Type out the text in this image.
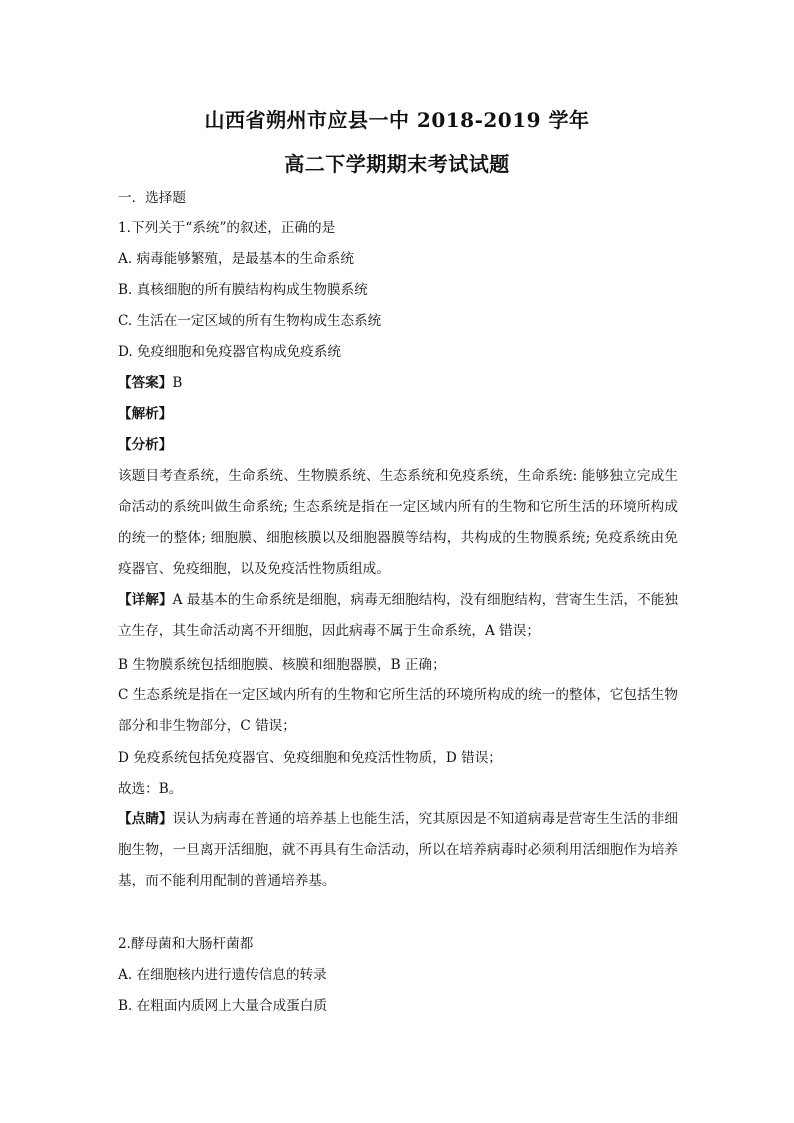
山西省朔州市应县一中 2018-2019 学年
高二下学期期末考试试题
一．选择题
1.下列关于“系统”的叙述，正确的是
A. 病毒能够繁殖，是最基本的生命系统
B. 真核细胞的所有膜结构构成生物膜系统
C. 生活在一定区域的所有生物构成生态系统
D. 免疫细胞和免疫器官构成免疫系统
【答案】B
【解析】
【分析】
该题目考查系统，生命系统、生物膜系统、生态系统和免疫系统，生命系统: 能够独立完成生命活动的系统叫做生命系统; 生态系统是指在一定区域内所有的生物和它所生活的环境所构成的统一的整体; 细胞膜、细胞核膜以及细胞器膜等结构，共构成的生物膜系统; 免疫系统由免疫器官、免疫细胞，以及免疫活性物质组成。
【详解】A 最基本的生命系统是细胞，病毒无细胞结构，没有细胞结构，营寄生生活，不能独立生存，其生命活动离不开细胞，因此病毒不属于生命系统，A 错误；
B 生物膜系统包括细胞膜、核膜和细胞器膜，B 正确；
C 生态系统是指在一定区域内所有的生物和它所生活的环境所构成的统一的整体，它包括生物部分和非生物部分，C 错误；
D 免疫系统包括免疫器官、免疫细胞和免疫活性物质，D 错误；
故选：B。
【点睛】误认为病毒在普通的培养基上也能生活，究其原因是不知道病毒是营寄生生活的非细胞生物，一旦离开活细胞，就不再具有生命活动，所以在培养病毒时必须利用活细胞作为培养基，而不能利用配制的普通培养基。
2.酵母菌和大肠杆菌都
A. 在细胞核内进行遗传信息的转录
B. 在粗面内质网上大量合成蛋白质
